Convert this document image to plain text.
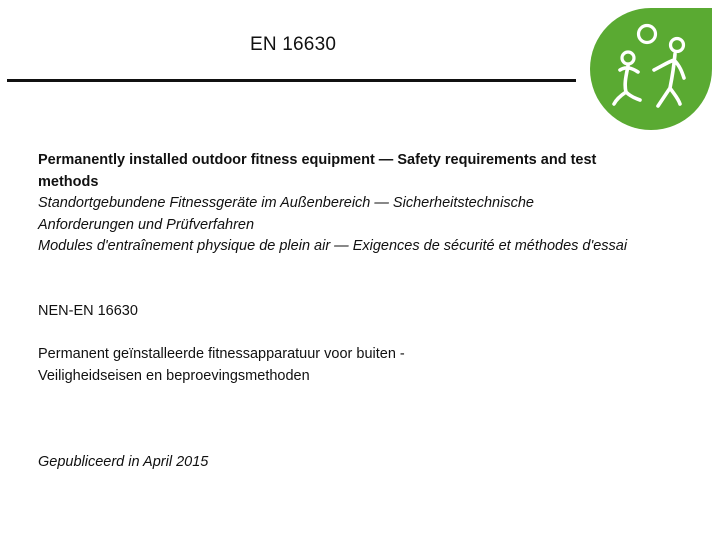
EN 16630
Permanently installed outdoor fitness equipment — Safety requirements and test methods
Standortgebundene Fitnessgeräte im Außenbereich — Sicherheitstechnische Anforderungen und Prüfverfahren
Modules d'entraînement physique de plein air — Exigences de sécurité et méthodes d'essai
NEN-EN 16630
Permanent geïnstalleerde fitnessapparatuur voor buiten - Veiligheidseisen en beproevingsmethoden
Gepubliceerd in April 2015
